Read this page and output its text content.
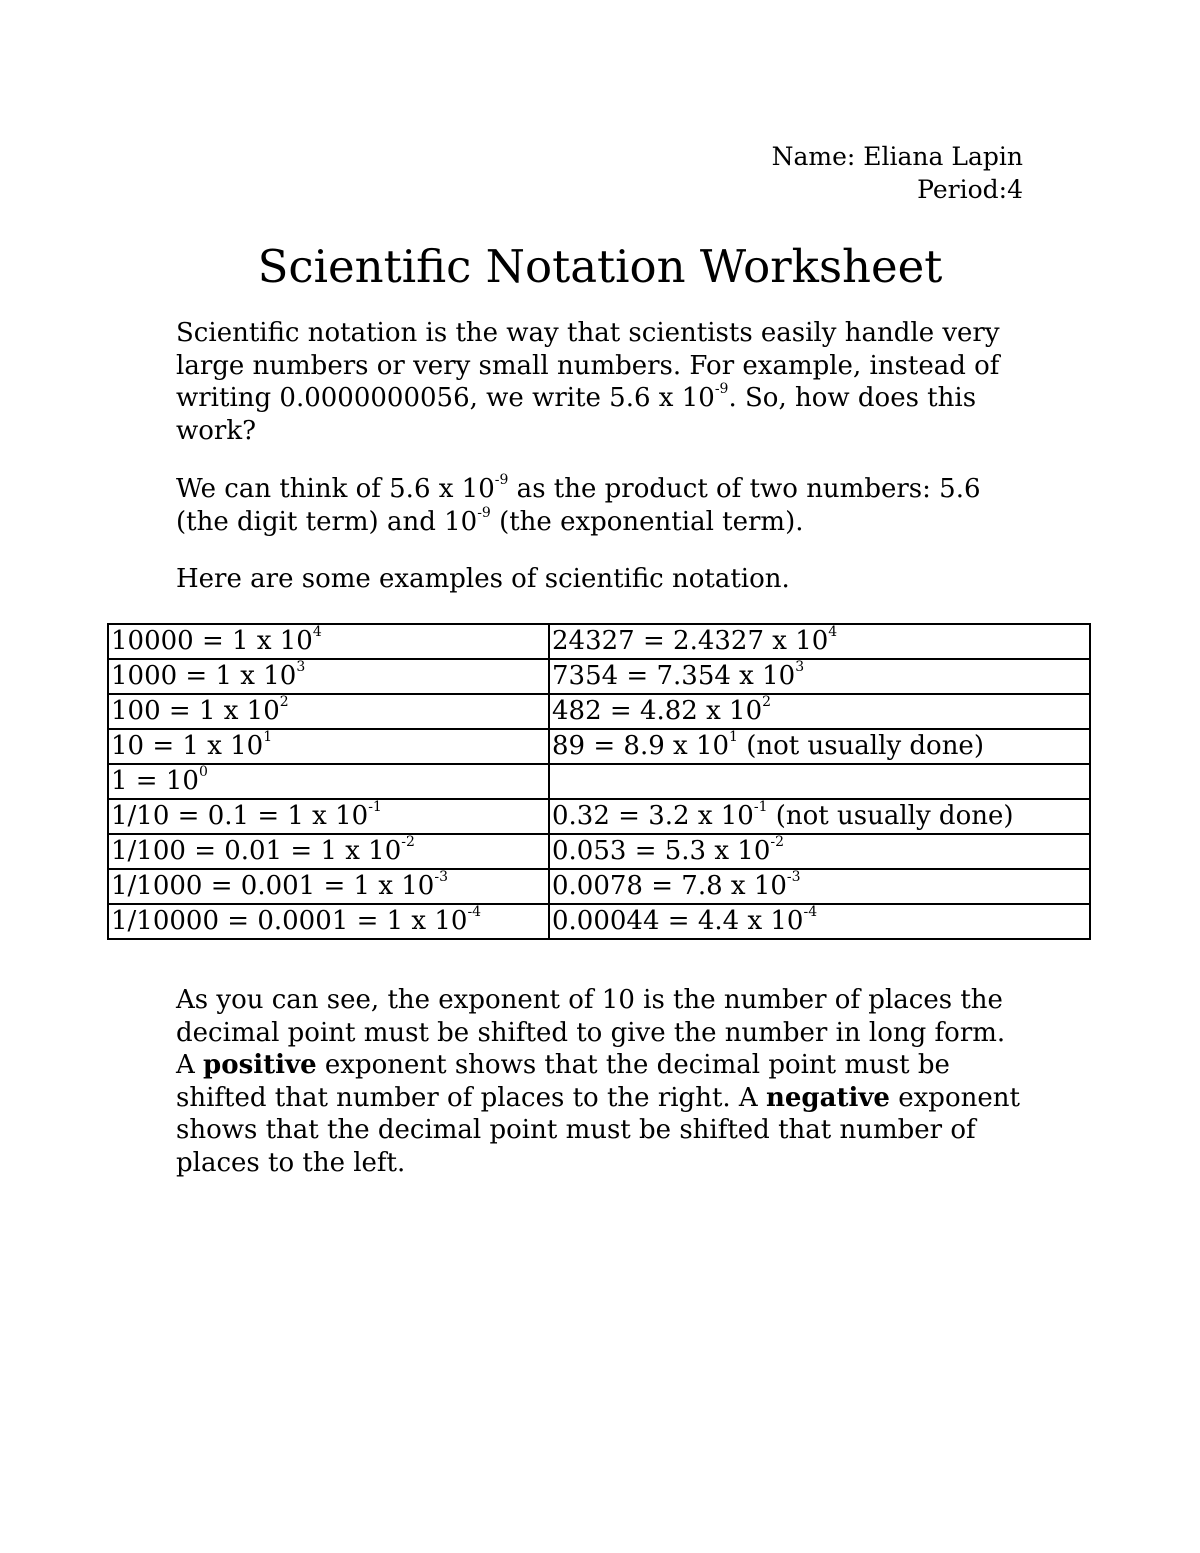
Name: Eliana Lapin
Period:4
Scientific Notation Worksheet

Scientific notation is the way that scientists easily handle very large numbers or very small numbers. For example, instead of writing 0.0000000056, we write 5.6 x $10^{-9}$. So, how does this work?

We can think of 5.6 x $10^{-9}$ as the product of two numbers: 5.6 (the digit term) and $10^{-9}$ (the exponential term).

Here are some examples of scientific notation.

10000 = 1 x $10^4$	24327 = 2.4327 x $10^4$
1000 = 1 x $10^3$	7354 = 7.354 x $10^3$
100 = 1 x $10^2$	482 = 4.82 x $10^2$
10 = 1 x $10^1$	89 = 8.9 x $10^1$ (not usually done)
$1 = 10^0$	
1/10 = 0.1 = 1 x $10^{-1}$	0.32 = 3.2 x $10^{-1}$ (not usually done)
1/100 = 0.01 = 1 x $10^{-2}$	0.053 = 5.3 x $10^{-2}$
1/1000 = 0.001 = 1 x $10^{-3}$	0.0078 = 7.8 x $10^{-3}$
1/10000 = 0.0001 = 1 x $10^{-4}$	0.00044 = 4.4 x $10^{-4}$

As you can see, the exponent of 10 is the number of places the decimal point must be shifted to give the number in long form. A positive exponent shows that the decimal point must be shifted that number of places to the right. A negative exponent shows that the decimal point must be shifted that number of places to the left.
